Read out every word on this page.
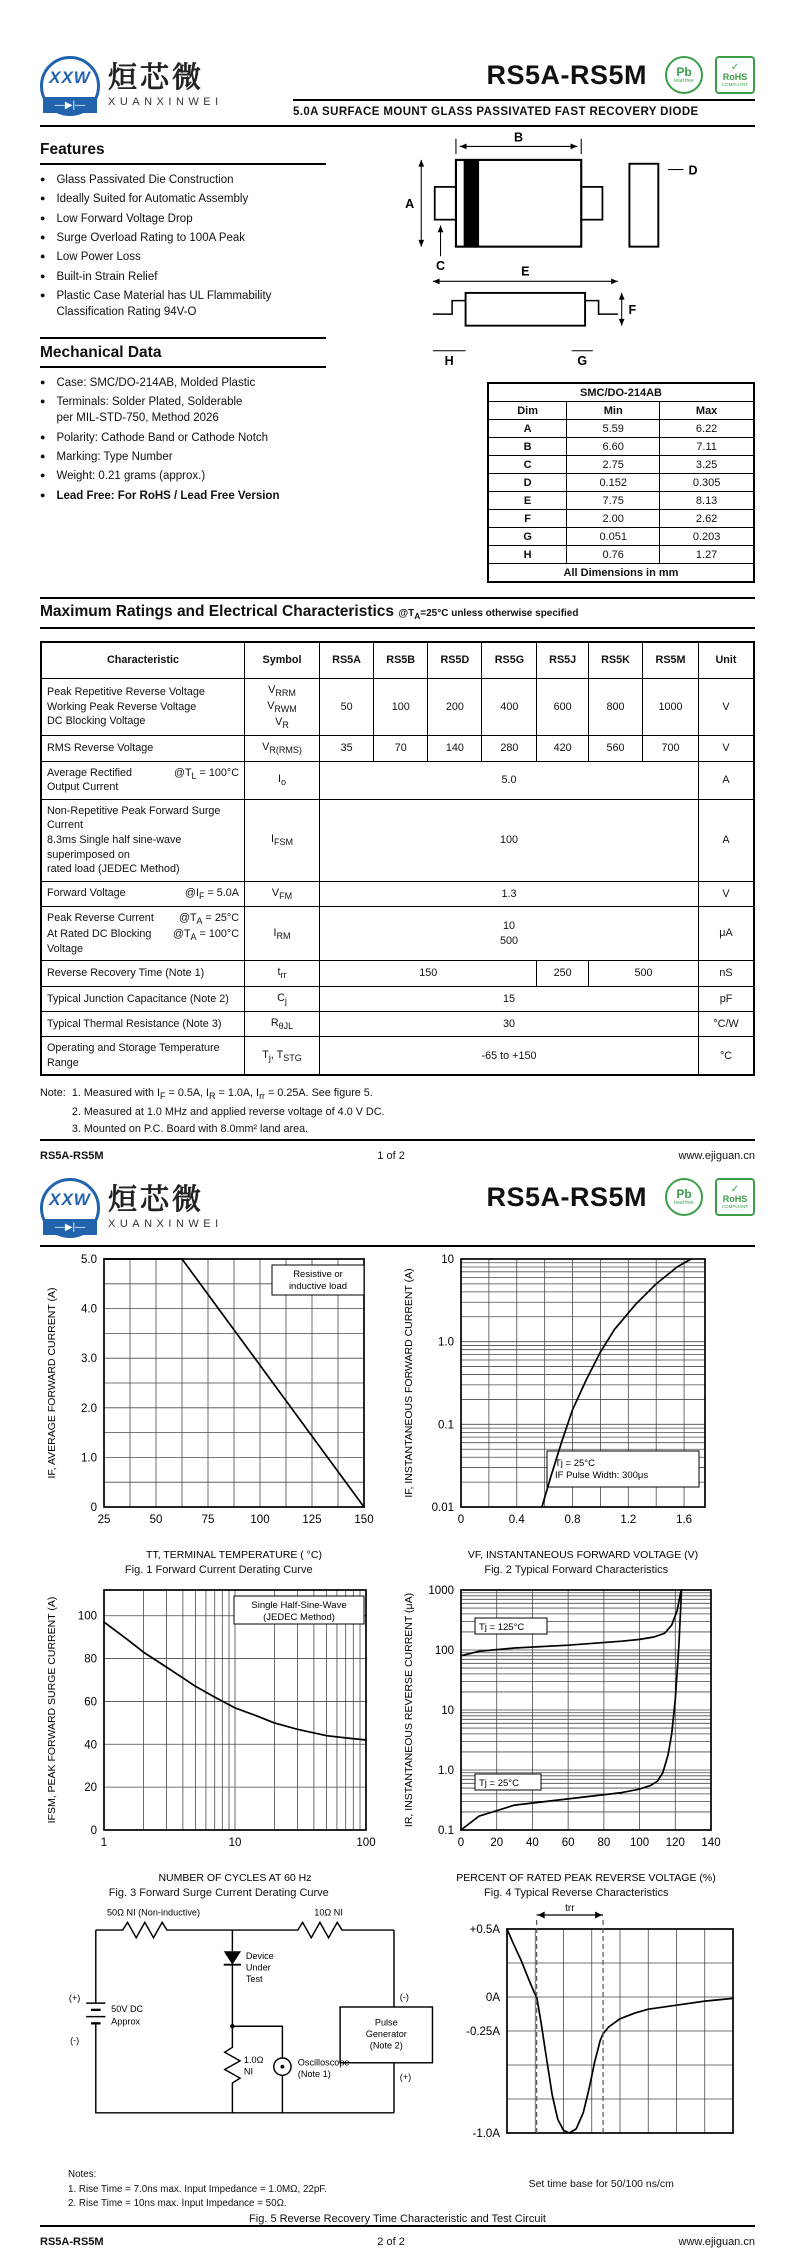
XXW
—▶|—
烜芯微
XUANXINWEI
RS5A-RS5M Pb
lead free
✓
RoHS
COMPLIANT
5.0A SURFACE MOUNT GLASS PASSIVATED FAST RECOVERY DIODE
Features
● Glass Passivated Die Construction
● Ideally Suited for Automatic Assembly
● Low Forward Voltage Drop
● Surge Overload Rating to 100A Peak
● Low Power Loss
● Built-in Strain Relief
● Plastic Case Material has UL Flammability
Classification Rating 94V-O
Mechanical Data
● Case: SMC/DO-214AB, Molded Plastic
● Terminals: Solder Plated, Solderable
per MIL-STD-750, Method 2026
● Polarity: Cathode Band or Cathode Notch
● Marking: Type Number
● Weight: 0.21 grams (approx.)
● Lead Free: For RoHS / Lead Free Version
B
A
C
D
F
H	G
E
SMC/DO-214AB		
Dim	Min	Max
A	5.59	6.22
B	6.60	7.11
C	2.75	3.25
D	0.152	0.305
E	7.75	8.13
F	2.00	2.62
G	0.051	0.203
H	0.76	1.27
All Dimensions in mm		
Maximum Ratings and Electrical Characteristics $@T_A=25^\circ C$ unless otherwise specified
Characteristic	Symbol	RS5A	RS5B	RS5D	RS5G	RS5J	RS5K	RS5M	Unit

Peak Repetitive Reverse Voltage
Working Peak Reverse Voltage
DC Blocking Voltage
	$V_{RRM}$
$V_{RWM}$
$V_R$	50	100	200	400	600	800	1000	V

RMS Reverse Voltage	$V_{R(RMS)}$	35	70	140	280	420	560	700	V

Average Rectified Output Current
$@T_L = 100^\circ C$	$I_o$	5.0							A

Non-Repetitive Peak Forward Surge Current
8.3ms Single half sine-wave superimposed on
rated load (JEDEC Method)	$I_{FSM}$	100							A

Forward Voltage $@I_F = 5.0A$	$V_{FM}$	1.3							V

Peak Reverse Current $@T_A = 25^\circ C$
At Rated DC Blocking Voltage
$@T_A = 100^\circ C$	$I_{RM}$	10
500	μA

Reverse Recovery Time (Note 1)	$t_{rr}$	150				250	500		nS

Typical Junction Capacitance (Note 2)	$C_j$	15							pF

Typical Thermal Resistance (Note 3)	$R_{\theta JL}$	30							°C/W

Operating and Storage Temperature Range	$T_j$, $T_{STG}$	-65 to +150							°C
Note: 1. Measured with $I_F = 0.5A$, $I_R = 1.0A$, $I_{rr} = 0.25A$. See figure 5.
2. Measured at 1.0 MHz and applied reverse voltage of 4.0 V DC.
3. Mounted on P.C. Board with 8.0mm² land area.
RS5A-RS5M	1 of 2	www.ejiguan.cn
XXW
—▶|—
烜芯微
XUANXINWEI
RS5A-RS5M Pb
lead free
✓
RoHS
COMPLIANT
Resistive or
inductive load
25	50	75	100	125	150
0
1.0
2.0
3.0
4.0
5.0
TT, TERMINAL TEMPERATURE ( °C)
IF, AVERAGE FORWARD CURRENT (A)
Fig. 1 Forward Current Derating Curve
Tj = 25°C
IF Pulse Width: 300μs
0	0.4	0.8	1.2	1.6
10
1.0
0.1
0.01
VF, INSTANTANEOUS FORWARD VOLTAGE (V)
IF, INSTANTANEOUS FORWARD CURRENT (A)
Fig. 2 Typical Forward Characteristics
Single Half-Sine-Wave
(JEDEC Method)
1	10	100
0
20
40
60
80
100
NUMBER OF CYCLES AT 60 Hz
IFSM, PEAK FORWARD SURGE CURRENT (A)
Fig. 3 Forward Surge Current Derating Curve
Tj = 125°C
Tj = 25°C
0 20 40 60 80 100 120 140
1000
100
10
1.0
0.1
PERCENT OF RATED PEAK REVERSE VOLTAGE (%)
IR, INSTANTANEOUS REVERSE CURRENT (μA)
Fig. 4 Typical Reverse Characteristics
50Ω NI (Non-inductive)	10Ω NI
Device
Under
Test
(+)
(-)
50V DC
Approx
1.0Ω
NI
Oscilloscope
(Note 1)
Pulse
Generator
(Note 2)
(-)
(+)
Notes:
1. Rise Time = 7.0ns max. Input Impedance = 1.0MΩ, 22pF.
2. Rise Time = 10ns max. Input Impedance = 50Ω.
+0.5A
0A
-0.25A
-1.0A
trr
Set time base for 50/100 ns/cm
Fig. 5 Reverse Recovery Time Characteristic and Test Circuit
RS5A-RS5M	2 of 2	www.ejiguan.cn
